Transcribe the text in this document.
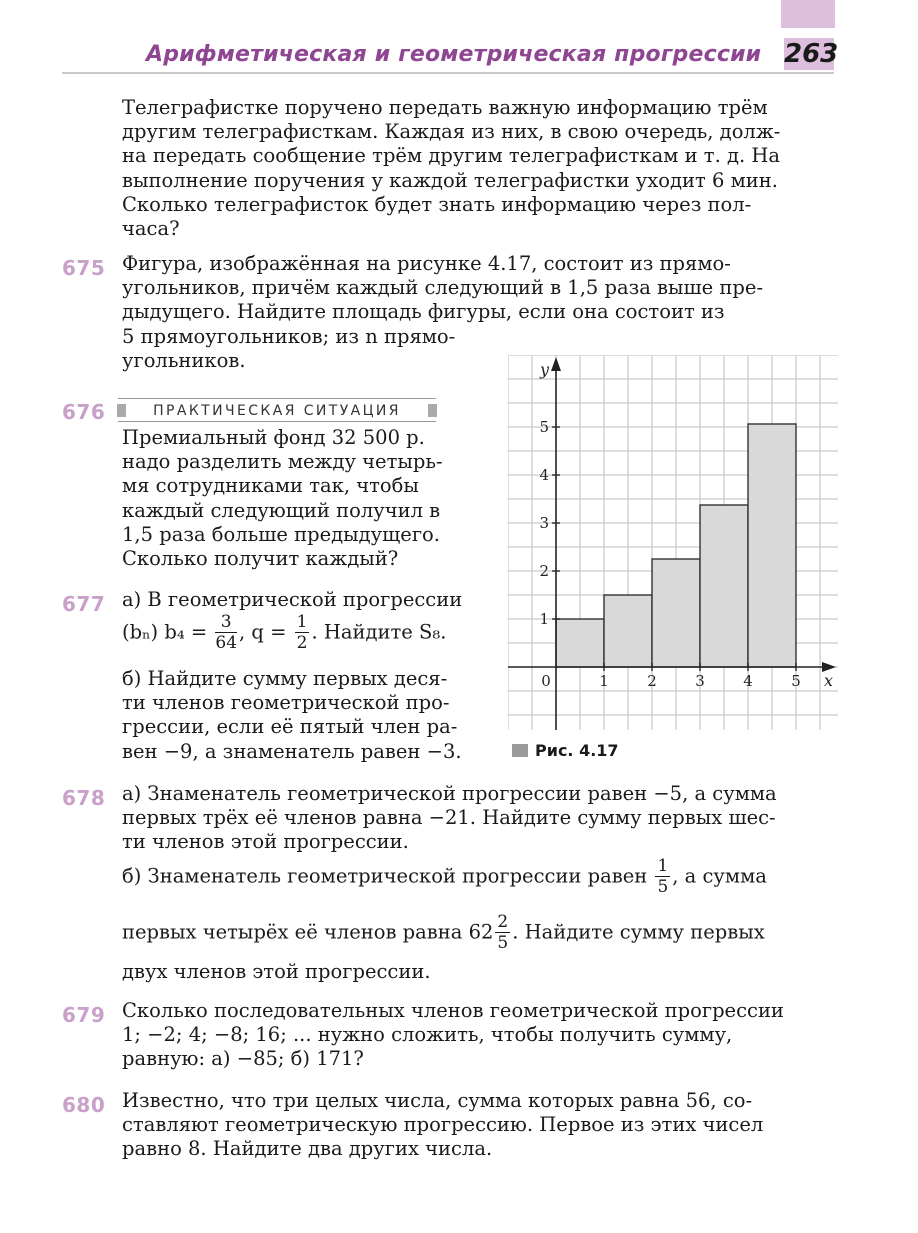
Арифметическая и геометрическая прогрессии 263
Телеграфистке поручено передать важную информацию трём
другим телеграфисткам. Каждая из них, в свою очередь, долж-
на передать сообщение трём другим телеграфисткам и т. д. На
выполнение поручения у каждой телеграфистки уходит 6 мин.
Сколько телеграфисток будет знать информацию через пол-
часа?
675 Фигура, изображённая на рисунке 4.17, состоит из прямо-
угольников, причём каждый следующий в 1,5 раза выше пре-
дыдущего. Найдите площадь фигуры, если она состоит из
5 прямоугольников; из n прямо-
угольников.
676	ПРАКТИЧЕСКАЯ СИТУАЦИЯ
Премиальный фонд 32 500 р.
надо разделить между четырь-
мя сотрудниками так, чтобы
каждый следующий получил в
1,5 раза больше предыдущего.
Сколько получит каждый?
677 а) В геометрической прогрессии
(bₙ) $b_4 = \frac{3}{64}$ , $q = \frac{1}{2}$ . Найдите S₈.
б) Найдите сумму первых деся-
ти членов геометрической про-
грессии, если её пятый член ра-
вен −9, а знаменатель равен −3.
1
2
3
4
5
0	1	2	3	4	5 x
y
Рис. 4.17
678 а) Знаменатель геометрической прогрессии равен −5, а сумма
первых трёх её членов равна −21. Найдите сумму первых шес-
ти членов этой прогрессии.
б) Знаменатель геометрической прогрессии равен $\frac{1}{5}$ , а сумма
первых четырёх её членов равна $62 \frac{2}{5}$ . Найдите сумму первых
двух членов этой прогрессии.
679 Сколько последовательных членов геометрической прогрессии
1; −2; 4; −8; 16; ... нужно сложить, чтобы получить сумму,
равную: а) −85; б) 171?
680 Известно, что три целых числа, сумма которых равна 56, со-
ставляют геометрическую прогрессию. Первое из этих чисел
равно 8. Найдите два других числа.
